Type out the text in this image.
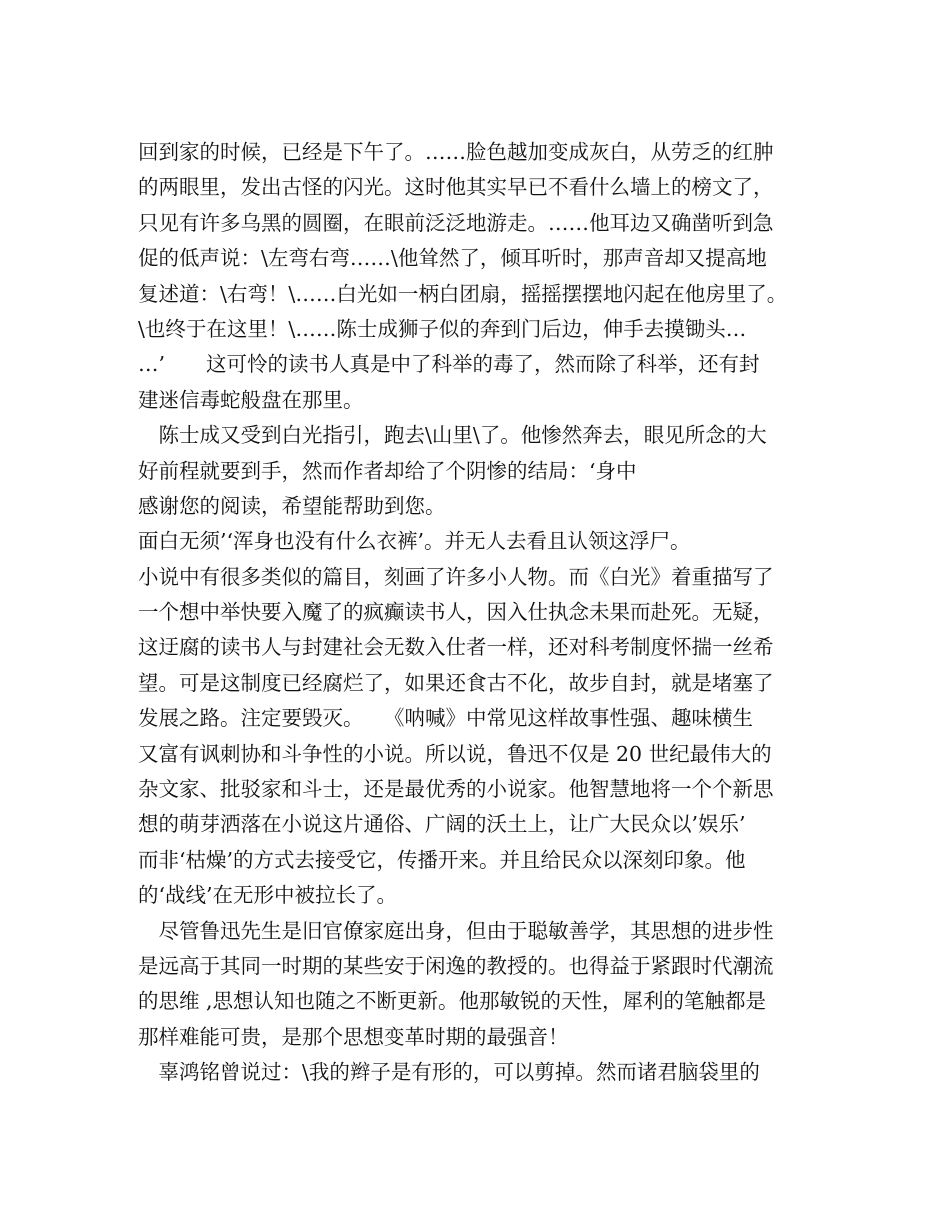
回到家的时候，已经是下午了。……脸色越加变成灰白，从劳乏的红肿
的两眼里，发出古怪的闪光。这时他其实早已不看什么墙上的榜文了，
只见有许多乌黑的圆圈，在眼前泛泛地游走。……他耳边又确凿听到急
促的低声说：\左弯右弯……\他耸然了，倾耳听时，那声音却又提高地
复述道：\右弯！\……白光如一柄白团扇，摇摇摆摆地闪起在他房里了。
\也终于在这里！\……陈士成狮子似的奔到门后边，伸手去摸锄头…
…’　　这可怜的读书人真是中了科举的毒了，然而除了科举，还有封
建迷信毒蛇般盘在那里。
　陈士成又受到白光指引，跑去\山里\了。他惨然奔去，眼见所念的大
好前程就要到手，然而作者却给了个阴惨的结局：‘身中
感谢您的阅读，希望能帮助到您。
面白无须’‘浑身也没有什么衣裤’。并无人去看且认领这浮尸。
小说中有很多类似的篇目，刻画了许多小人物。而《白光》着重描写了
一个想中举快要入魔了的疯癫读书人，因入仕执念未果而赴死。无疑，
这迂腐的读书人与封建社会无数入仕者一样，还对科考制度怀揣一丝希
望。可是这制度已经腐烂了，如果还食古不化，故步自封，就是堵塞了
发展之路。注定要毁灭。　　《呐喊》中常见这样故事性强、趣味横生
又富有讽刺协和斗争性的小说。所以说，鲁迅不仅是 20 世纪最伟大的
杂文家、批驳家和斗士，还是最优秀的小说家。他智慧地将一个个新思
想的萌芽洒落在小说这片通俗、广阔的沃土上，让广大民众以’娱乐’
而非‘枯燥’的方式去接受它，传播开来。并且给民众以深刻印象。他
的‘战线’在无形中被拉长了。
　尽管鲁迅先生是旧官僚家庭出身，但由于聪敏善学，其思想的进步性
是远高于其同一时期的某些安于闲逸的教授的。也得益于紧跟时代潮流
的思维 ,思想认知也随之不断更新。他那敏锐的天性，犀利的笔触都是
那样难能可贵，是那个思想变革时期的最强音！
　辜鸿铭曾说过：\我的辫子是有形的，可以剪掉。然而诸君脑袋里的
